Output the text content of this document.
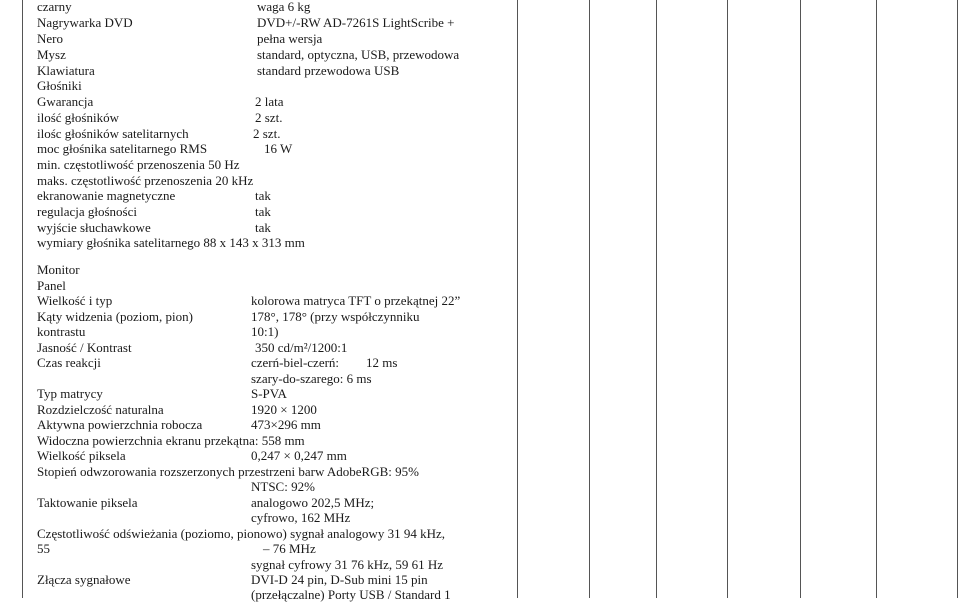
czarny	waga 6 kg
Nagrywarka DVD	DVD+/-RW AD-7261S LightScribe +
Nero	pełna wersja
Mysz	standard, optyczna, USB, przewodowa
Klawiatura	standard przewodowa USB
Głośniki
Gwarancja	2 lata
ilość głośników	2 szt.
ilośc głośników satelitarnych	2 szt.
moc głośnika satelitarnego RMS	16 W
min. częstotliwość przenoszenia 50 Hz
maks. częstotliwość przenoszenia 20 kHz
ekranowanie magnetyczne	tak
regulacja głośności	tak
wyjście słuchawkowe	tak
wymiary głośnika satelitarnego 88 x 143 x 313 mm
Monitor
Panel
Wielkość i typ	kolorowa matryca TFT o przekątnej 22”
Kąty widzenia (poziom, pion)	178°, 178° (przy współczynniku
kontrastu	10:1)
Jasność / Kontrast	350 cd/m²/1200:1
Czas reakcji	czerń-biel-czerń: 12 ms
szary-do-szarego: 6 ms
Typ matrycy	S-PVA
Rozdzielczość naturalna	1920 × 1200
Aktywna powierzchnia robocza	473×296 mm
Widoczna powierzchnia ekranu przekątna: 558 mm
Wielkość piksela	0,247 × 0,247 mm
Stopień odwzorowania rozszerzonych przestrzeni barw AdobeRGB: 95%
NTSC: 92%
Taktowanie piksela	analogowo 202,5 MHz;
cyfrowo, 162 MHz
Częstotliwość odświeżania (poziomo, pionowo) sygnał analogowy 31 94 kHz,
55	– 76 MHz
sygnał cyfrowy 31 76 kHz, 59 61 Hz
Złącza sygnałowe	DVI-D 24 pin, D-Sub mini 15 pin
(przełączalne) Porty USB / Standard 1
